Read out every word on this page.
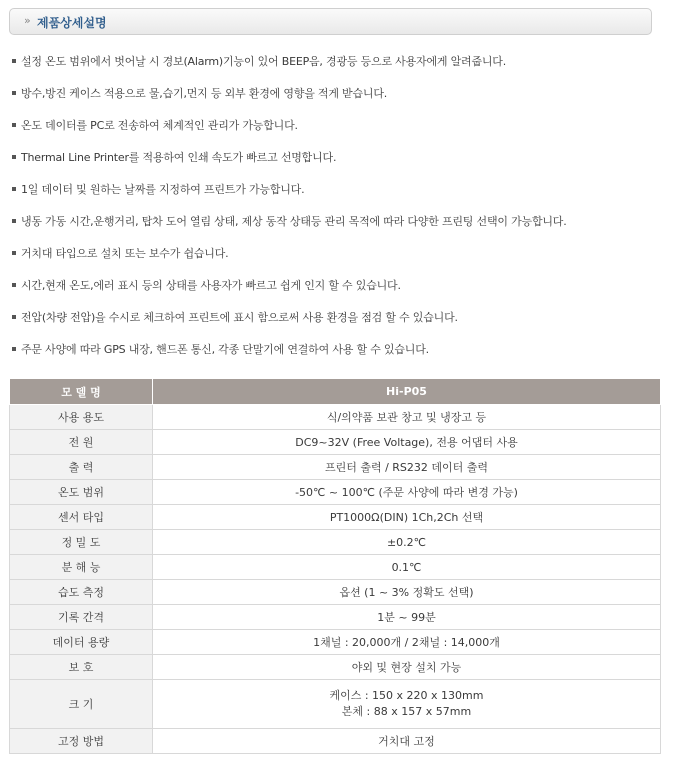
» 제품상세설명
설정 온도 범위에서 벗어날 시 경보(Alarm)기능이 있어 BEEP음, 경광등 등으로 사용자에게 알려줍니다.
방수,방진 케이스 적용으로 물,습기,먼지 등 외부 환경에 영향을 적게 받습니다.
온도 데이터를 PC로 전송하여 체계적인 관리가 가능합니다.
Thermal Line Printer를 적용하여 인쇄 속도가 빠르고 선명합니다.
1일 데이터 및 원하는 날짜를 지정하여 프린트가 가능합니다.
냉동 가동 시간,운행거리, 탑차 도어 열림 상태, 제상 동작 상태등 관리 목적에 따라 다양한 프린팅 선택이 가능합니다.
거치대 타입으로 설치 또는 보수가 쉽습니다.
시간,현재 온도,에러 표시 등의 상태를 사용자가 빠르고 쉽게 인지 할 수 있습니다.
전압(차량 전압)을 수시로 체크하여 프린트에 표시 함으로써 사용 환경을 점검 할 수 있습니다.
주문 사양에 따라 GPS 내장, 핸드폰 통신, 각종 단말기에 연결하여 사용 할 수 있습니다.
모 델 명	Hi-P05
사용 용도	식/의약품 보관 창고 및 냉장고 등
전 원	DC9~32V (Free Voltage), 전용 어댑터 사용
출 력	프린터 출력 / RS232 데이터 출력
온도 범위	-50℃ ~ 100℃ (주문 사양에 따라 변경 가능)
센서 타입	PT1000Ω(DIN) 1Ch,2Ch 선택
정 밀 도	±0.2℃
분 해 능	0.1℃
습도 측정	옵션 (1 ~ 3% 정확도 선택)
기록 간격	1분 ~ 99분
데이터 용량	1채널 : 20,000개 / 2채널 : 14,000개
보 호	야외 및 현장 설치 가능
크 기	케이스 : 150 x 220 x 130mm
본체 : 88 x 157 x 57mm

고정 방법	거치대 고정
